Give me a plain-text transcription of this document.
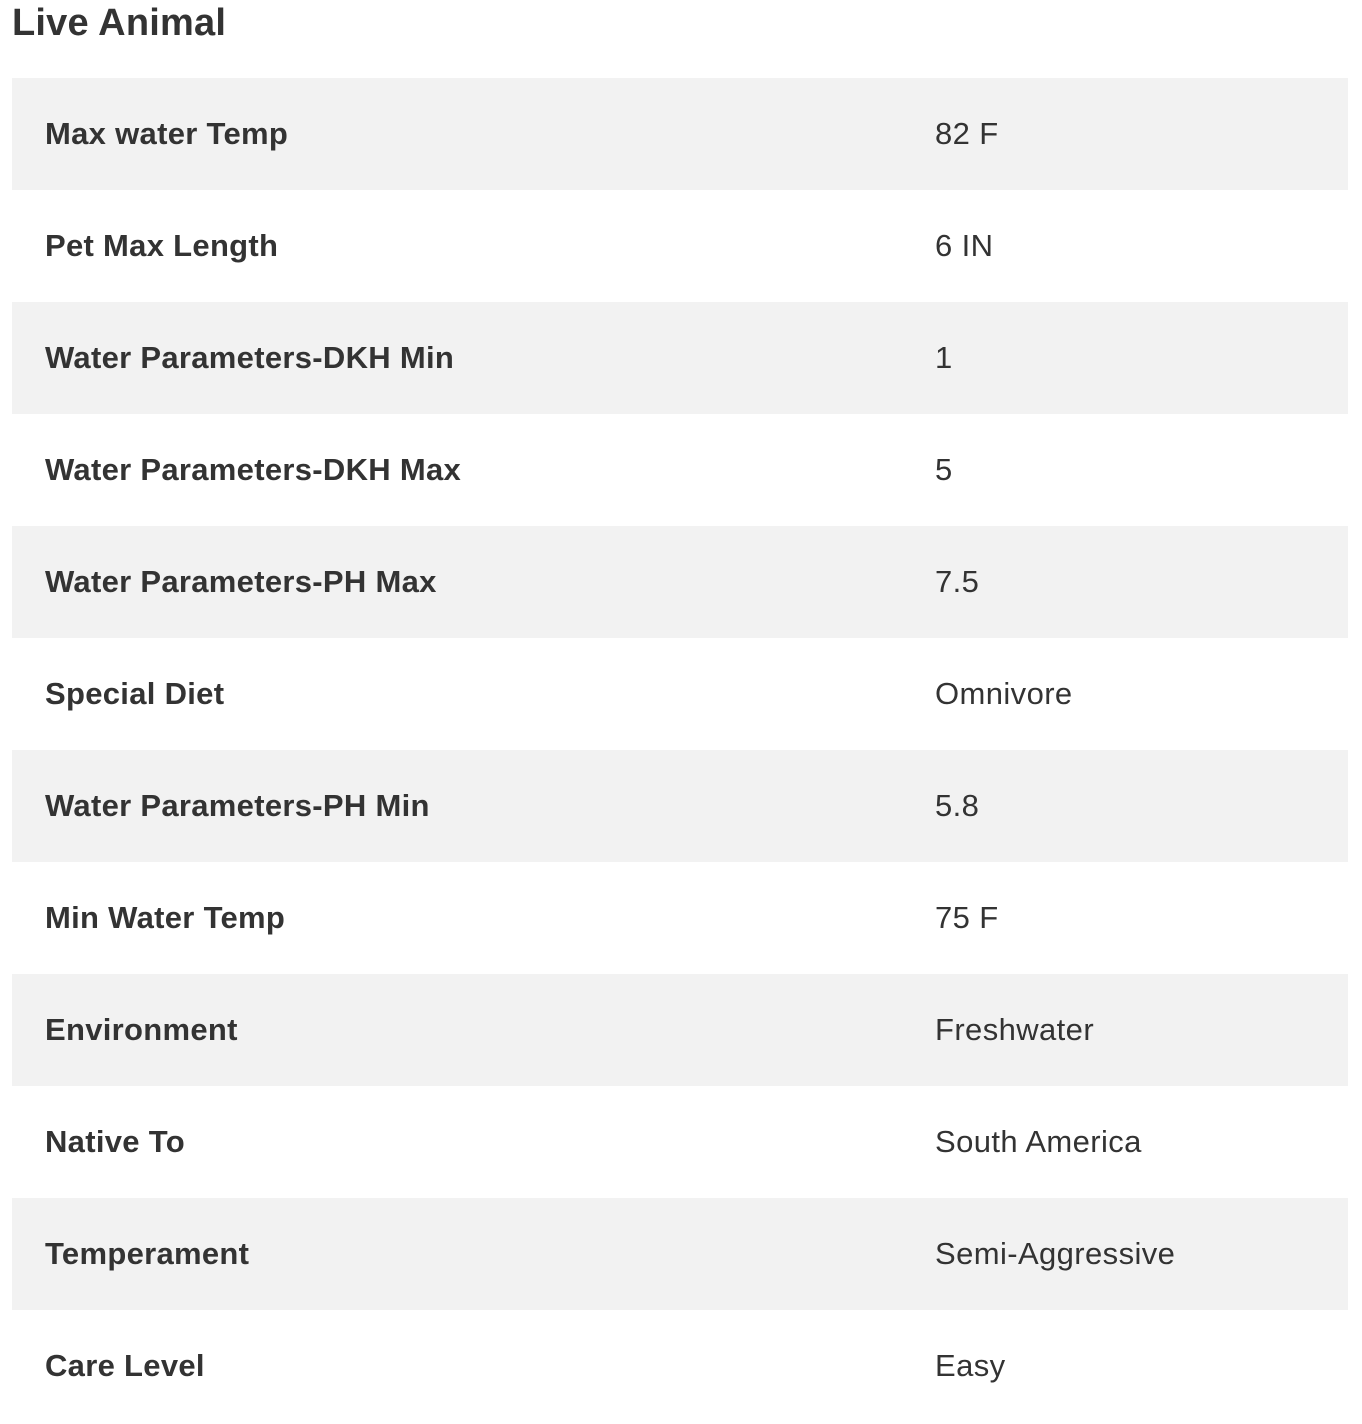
Live Animal
Max water Temp	82 F
Pet Max Length	6 IN
Water Parameters-DKH Min	1
Water Parameters-DKH Max	5
Water Parameters-PH Max	7.5
Special Diet	Omnivore
Water Parameters-PH Min	5.8
Min Water Temp	75 F
Environment	Freshwater
Native To	South America
Temperament	Semi-Aggressive
Care Level	Easy
